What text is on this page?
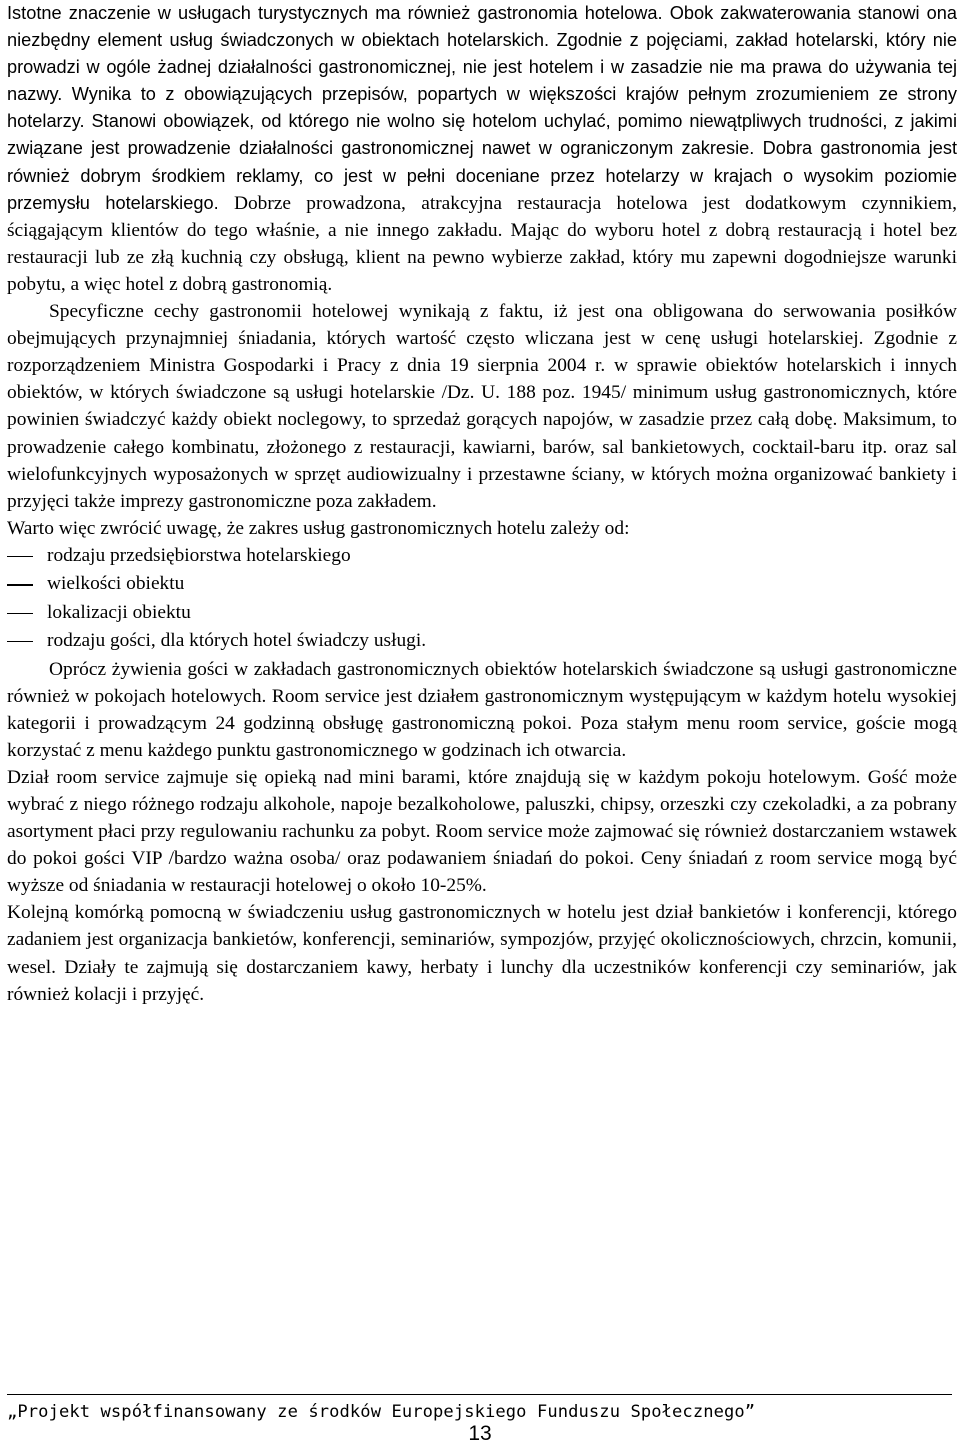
Istotne znaczenie w usługach turystycznych ma również gastronomia hotelowa. Obok zakwaterowania stanowi ona niezbędny element usług świadczonych w obiektach hotelarskich. Zgodnie z pojęciami, zakład hotelarski, który nie prowadzi w ogóle żadnej działalności gastronomicznej, nie jest hotelem i w zasadzie nie ma prawa do używania tej nazwy. Wynika to z obowiązujących przepisów, popartych w większości krajów pełnym zrozumieniem ze strony hotelarzy. Stanowi obowiązek, od którego nie wolno się hotelom uchylać, pomimo niewątpliwych trudności, z jakimi związane jest prowadzenie działalności gastronomicznej nawet w ograniczonym zakresie. Dobra gastronomia jest również dobrym środkiem reklamy, co jest w pełni doceniane przez hotelarzy w krajach o wysokim poziomie przemysłu hotelarskiego. Dobrze prowadzona, atrakcyjna restauracja hotelowa jest dodatkowym czynnikiem, ściągającym klientów do tego właśnie, a nie innego zakładu. Mając do wyboru hotel z dobrą restauracją i hotel bez restauracji lub ze złą kuchnią czy obsługą, klient na pewno wybierze zakład, który mu zapewni dogodniejsze warunki pobytu, a więc hotel z dobrą gastronomią.

Specyficzne cechy gastronomii hotelowej wynikają z faktu, iż jest ona obligowana do serwowania posiłków obejmujących przynajmniej śniadania, których wartość często wliczana jest w cenę usługi hotelarskiej. Zgodnie z rozporządzeniem Ministra Gospodarki i Pracy z dnia 19 sierpnia 2004 r. w sprawie obiektów hotelarskich i innych obiektów, w których świadczone są usługi hotelarskie /Dz. U. 188 poz. 1945/ minimum usług gastronomicznych, które powinien świadczyć każdy obiekt noclegowy, to sprzedaż gorących napojów, w zasadzie przez całą dobę. Maksimum, to prowadzenie całego kombinatu, złożonego z restauracji, kawiarni, barów, sal bankietowych, cocktail-baru itp. oraz sal wielofunkcyjnych wyposażonych w sprzęt audiowizualny i przestawne ściany, w których można organizować bankiety i przyjęci także imprezy gastronomiczne poza zakładem.

Warto więc zwrócić uwagę, że zakres usług gastronomicznych hotelu zależy od:

rodzaju przedsiębiorstwa hotelarskiego
wielkości obiektu
lokalizacji obiektu
rodzaju gości, dla których hotel świadczy usługi.

Oprócz żywienia gości w zakładach gastronomicznych obiektów hotelarskich świadczone są usługi gastronomiczne również w pokojach hotelowych. Room service jest działem gastronomicznym występującym w każdym hotelu wysokiej kategorii i prowadzącym 24 godzinną obsługę gastronomiczną pokoi. Poza stałym menu room service, goście mogą korzystać z menu każdego punktu gastronomicznego w godzinach ich otwarcia.

Dział room service zajmuje się opieką nad mini barami, które znajdują się w każdym pokoju hotelowym. Gość może wybrać z niego różnego rodzaju alkohole, napoje bezalkoholowe, paluszki, chipsy, orzeszki czy czekoladki, a za pobrany asortyment płaci przy regulowaniu rachunku za pobyt. Room service może zajmować się również dostarczaniem wstawek do pokoi gości VIP /bardzo ważna osoba/ oraz podawaniem śniadań do pokoi. Ceny śniadań z room service mogą być wyższe od śniadania w restauracji hotelowej o około 10-25%.

Kolejną komórką pomocną w świadczeniu usług gastronomicznych w hotelu jest dział bankietów i konferencji, którego zadaniem jest organizacja bankietów, konferencji, seminariów, sympozjów, przyjęć okolicznościowych, chrzcin, komunii, wesel. Działy te zajmują się dostarczaniem kawy, herbaty i lunchy dla uczestników konferencji czy seminariów, jak również kolacji i przyjęć.

„Projekt współfinansowany ze środków Europejskiego Funduszu Społecznego”
13
